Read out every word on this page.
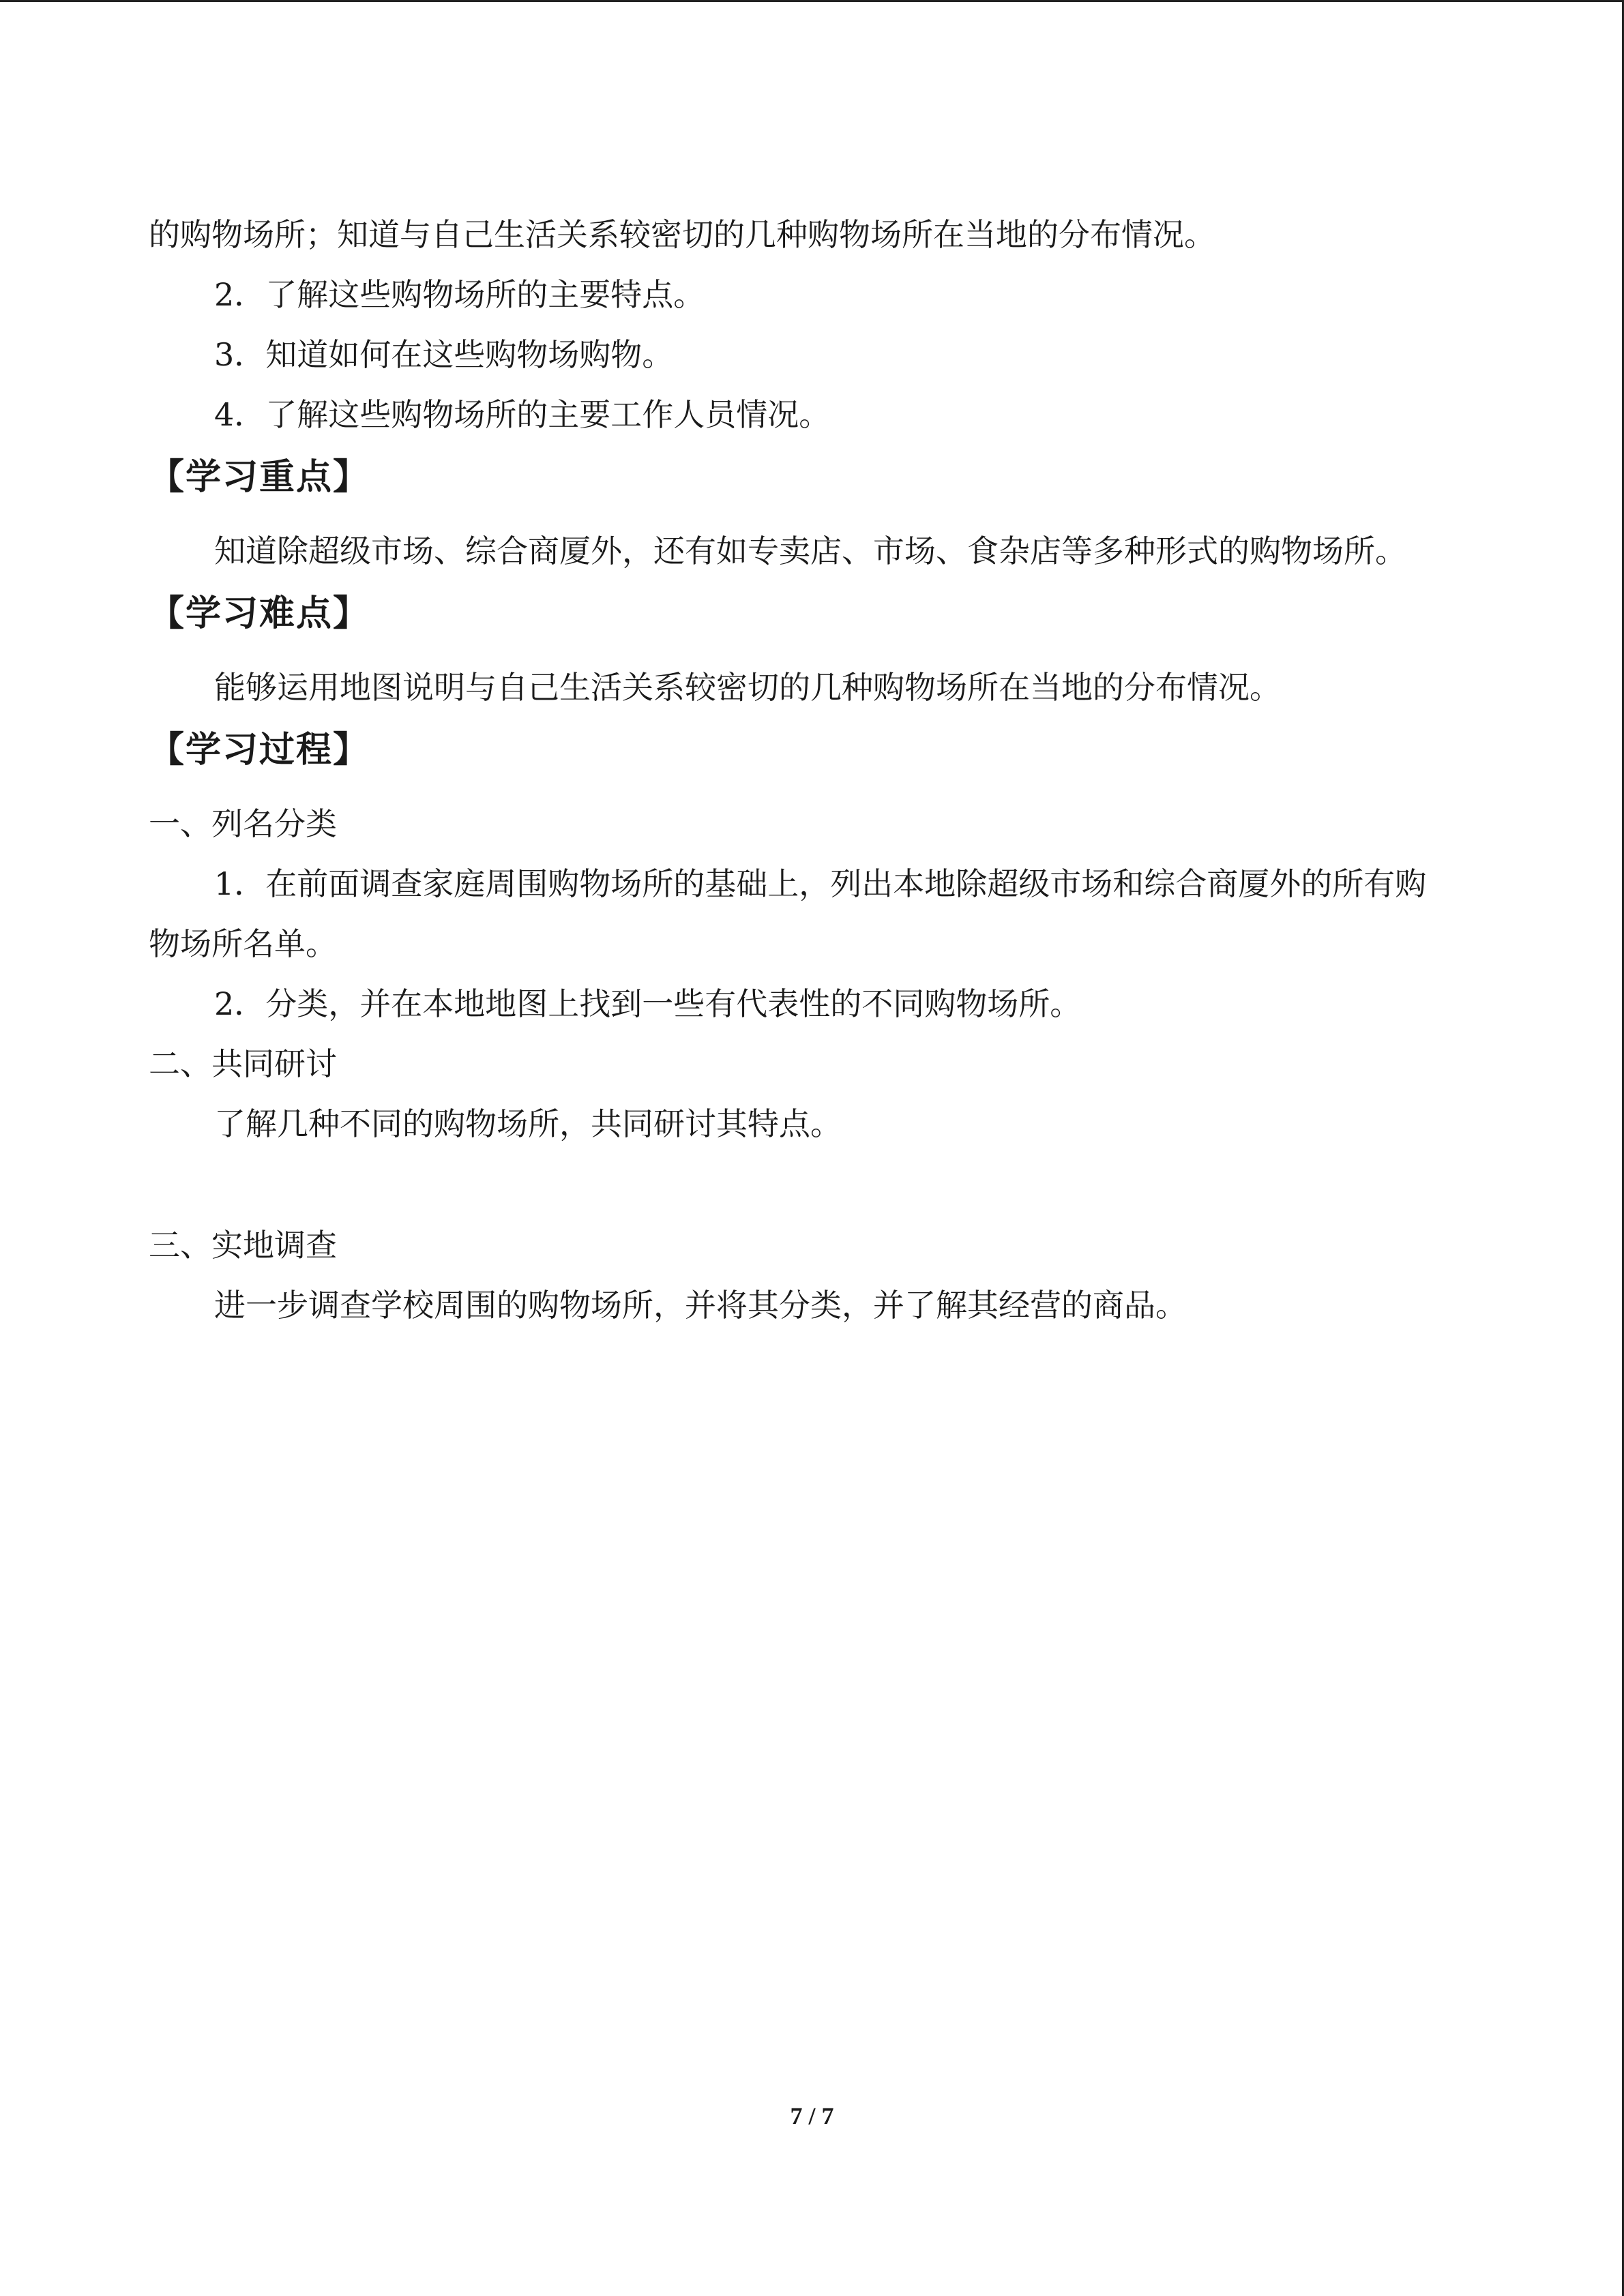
的购物场所；知道与自己生活关系较密切的几种购物场所在当地的分布情况。

2．了解这些购物场所的主要特点。

3．知道如何在这些购物场购物。

4．了解这些购物场所的主要工作人员情况。

【学习重点】

知道除超级市场、综合商厦外，还有如专卖店、市场、食杂店等多种形式的购物场所。

【学习难点】

能够运用地图说明与自己生活关系较密切的几种购物场所在当地的分布情况。

【学习过程】

一、列名分类

1．在前面调查家庭周围购物场所的基础上，列出本地除超级市场和综合商厦外的所有购

物场所名单。

2．分类，并在本地地图上找到一些有代表性的不同购物场所。

二、共同研讨

了解几种不同的购物场所，共同研讨其特点。

三、实地调查

进一步调查学校周围的购物场所，并将其分类，并了解其经营的商品。

7 / 7
